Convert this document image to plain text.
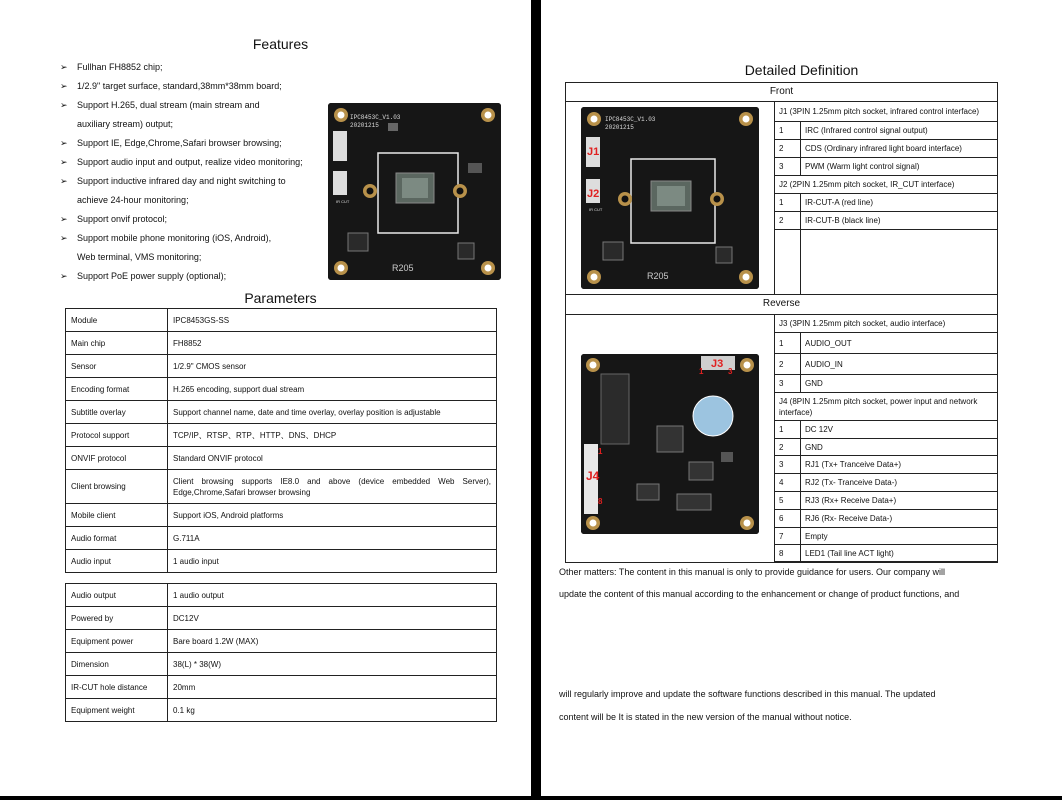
Features
➢	Fullhan FH8852 chip;
➢	1/2.9" target surface, standard,38mm*38mm board;
➢	Support H.265, dual stream (main stream and
auxiliary stream) output;
➢	Support IE, Edge,Chrome,Safari browser browsing;
➢	Support audio input and output, realize video monitoring;
➢	Support inductive infrared day and night switching to
achieve 24-hour monitoring;
➢	Support onvif protocol;
➢	Support mobile phone monitoring (iOS, Android),
Web terminal, VMS monitoring;
➢	Support PoE power supply (optional);
IPC8453C_V1.03
20201215
IR CUT
R205
Parameters
Module	IPC8453GS-SS
Main chip	FH8852
Sensor	1/2.9" CMOS sensor
Encoding format	H.265 encoding, support dual stream
Subtitle overlay	Support channel name, date and time overlay, overlay position is adjustable
Protocol support	TCP/IP、RTSP、RTP、HTTP、DNS、DHCP
ONVIF protocol	Standard ONVIF protocol
Client browsing	Client browsing supports IE8.0 and above (device embedded Web Server), Edge,Chrome,Safari browser browsing
Mobile client	Support iOS, Android platforms
Audio format	G.711A
Audio input	1 audio input
Audio output	1 audio output
Powered by	DC12V
Equipment power	Bare board 1.2W (MAX)
Dimension	38(L) * 38(W)
IR-CUT hole distance	20mm
Equipment weight	0.1 kg
Detailed Definition
Front
Reverse
IPC8453C_V1.03
20201215
IR CUT
R205
J1
J2
J1 (3PIN 1.25mm pitch socket, infrared control interface)	
1	IRC (Infrared control signal output)
2	CDS (Ordinary infrared light board interface)
3	PWM (Warm light control signal)
J2 (2PIN 1.25mm pitch socket, IR_CUT interface)	
1	IR-CUT-A (red line)
2	IR-CUT-B (black line)

1
J3
3
1
J4
8
J3 (3PIN 1.25mm pitch socket, audio interface)	
1	AUDIO_OUT
2	AUDIO_IN
3	GND
J4 (8PIN 1.25mm pitch socket, power input and network interface)	
1	DC 12V
2	GND
3	RJ1 (Tx+ Tranceive Data+)
4	RJ2 (Tx- Tranceive Data-)
5	RJ3 (Rx+ Receive Data+)
6	RJ6 (Rx- Receive Data-)
7	Empty
8	LED1 (Tail line ACT light)
Other matters: The content in this manual is only to provide guidance for users. Our company will
update the content of this manual according to the enhancement or change of product functions, and
will regularly improve and update the software functions described in this manual. The updated
content will be It is stated in the new version of the manual without notice.
